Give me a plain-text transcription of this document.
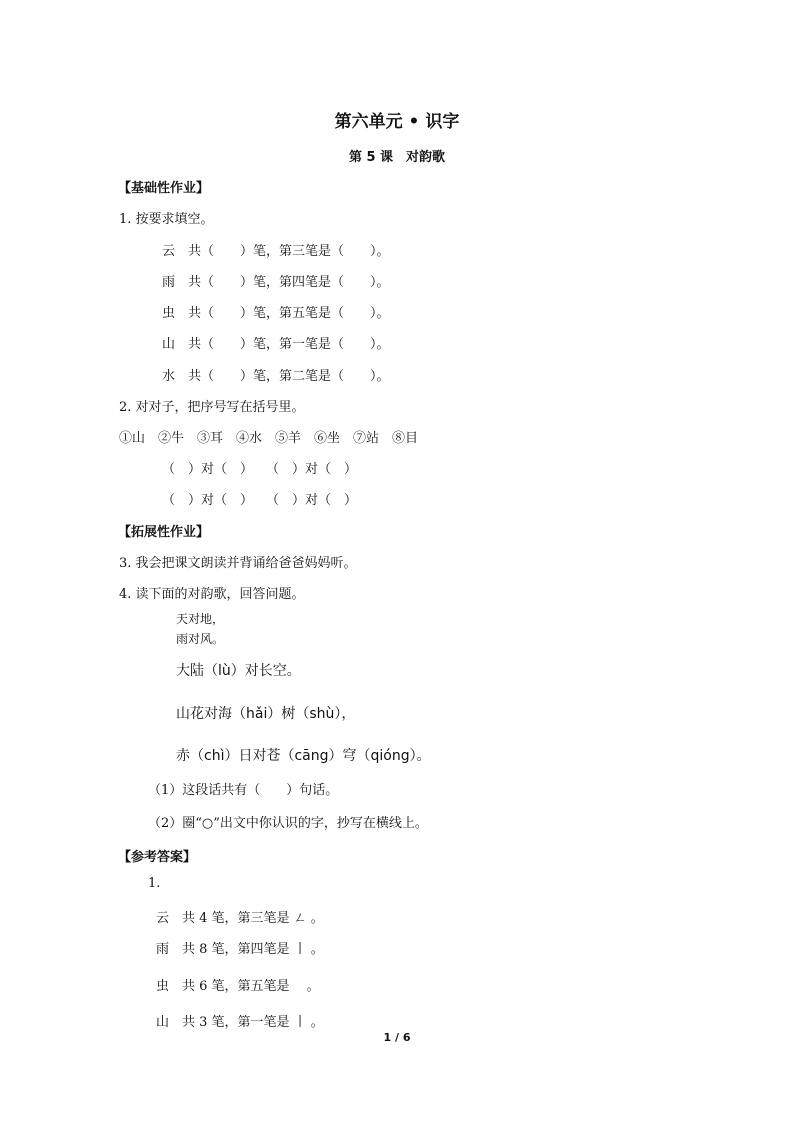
第六单元 • 识字
第 5 课　对韵歌
【基础性作业】
1. 按要求填空。
云　共（　　）笔，第三笔是（　　）。
雨　共（　　）笔，第四笔是（　　）。
虫　共（　　）笔，第五笔是（　　）。
山　共（　　）笔，第一笔是（　　）。
水　共（　　）笔，第二笔是（　　）。
2. 对对子，把序号写在括号里。
①山　②牛　③耳　④水　⑤羊　⑥坐　⑦站　⑧目
（　）对（　）　　（　）对（　）
（　）对（　）　　（　）对（　）
【拓展性作业】
3. 我会把课文朗读并背诵给爸爸妈妈听。
4. 读下面的对韵歌，回答问题。
天对地，
雨对风。
大陆（lù）对长空。
山花对海（hǎi）树（shù），
赤（chì）日对苍（cāng）穹（qióng）。
（1）这段话共有（　　）句话。
（2）圈“○”出文中你认识的字，抄写在横线上。
【参考答案】
1.
云　共 4 笔，第三笔是 ㄥ 。
雨　共 8 笔，第四笔是 丨 。
虫　共 6 笔，第五笔是　 。
山　共 3 笔，第一笔是 丨 。
1 / 6
